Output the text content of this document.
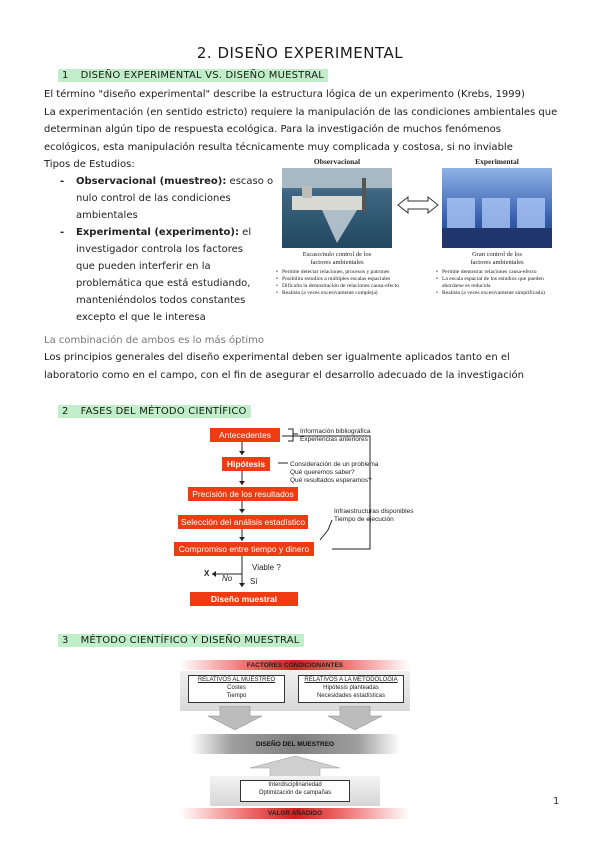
2. DISEÑO EXPERIMENTAL
1 DISEÑO EXPERIMENTAL VS. DISEÑO MUESTRAL
El término "diseño experimental" describe la estructura lógica de un experimento (Krebs, 1999)
La experimentación (en sentido estricto) requiere la manipulación de las condiciones ambientales que
determinan algún tipo de respuesta ecológica. Para la investigación de muchos fenómenos
ecológicos, esta manipulación resulta técnicamente muy complicada y costosa, si no inviable
Tipos de Estudios:
- Observacional (muestreo): escaso o
nulo control de las condiciones
ambientales
- Experimental (experimento): el
investigador controla los factores
que pueden interferir en la
problemática que está estudiando,
manteniéndolos todos constantes
excepto el que le interesa
Observacional	Experimental
Escaso/nulo control de los
factores ambientales
Gran control de los
factores ambientales
• Permite detectar relaciones, procesos y patrones
• Posibilita estudios a múltiples escalas espaciales
• Dificulta la demostración de relaciones causa-efecto
• Realista (a veces excesivamente compleja)
• Permite demostrar relaciones causa-efecto
• La escala espacial de los estudios que pueden abordarse es reducida
• Realista (a veces excesivamente simplificada)
La combinación de ambos es lo más óptimo
Los principios generales del diseño experimental deben ser igualmente aplicados tanto en el
laboratorio como en el campo, con el fin de asegurar el desarrollo adecuado de la investigación
2 FASES DEL MÉTODO CIENTÍFICO
Antecedentes
Hipótesis
Precisión de los resultados
Selección del análisis estadístico
Compromiso entre tiempo y dinero
Diseño muestral
Información bibliográfica
Experiencias anteriores
Consideración de un problema
Qué queremos saber?
Qué resultados esperamos?
Infraestructuras disponibles
Tiempo de ejecución
Viable ?
No Sí
X
3 MÉTODO CIENTÍFICO Y DISEÑO MUESTRAL
FACTORES CONDICIONANTES
RELATIVOS AL MUESTREO
Costes
Tiempo
RELATIVOS A LA METODOLOGÍA
Hipótesis planteadas
Necesidades estadísticas
DISEÑO DEL MUESTREO
Interdisciplinariedad
Optimización de campañas
VALOR AÑADIDO
1
